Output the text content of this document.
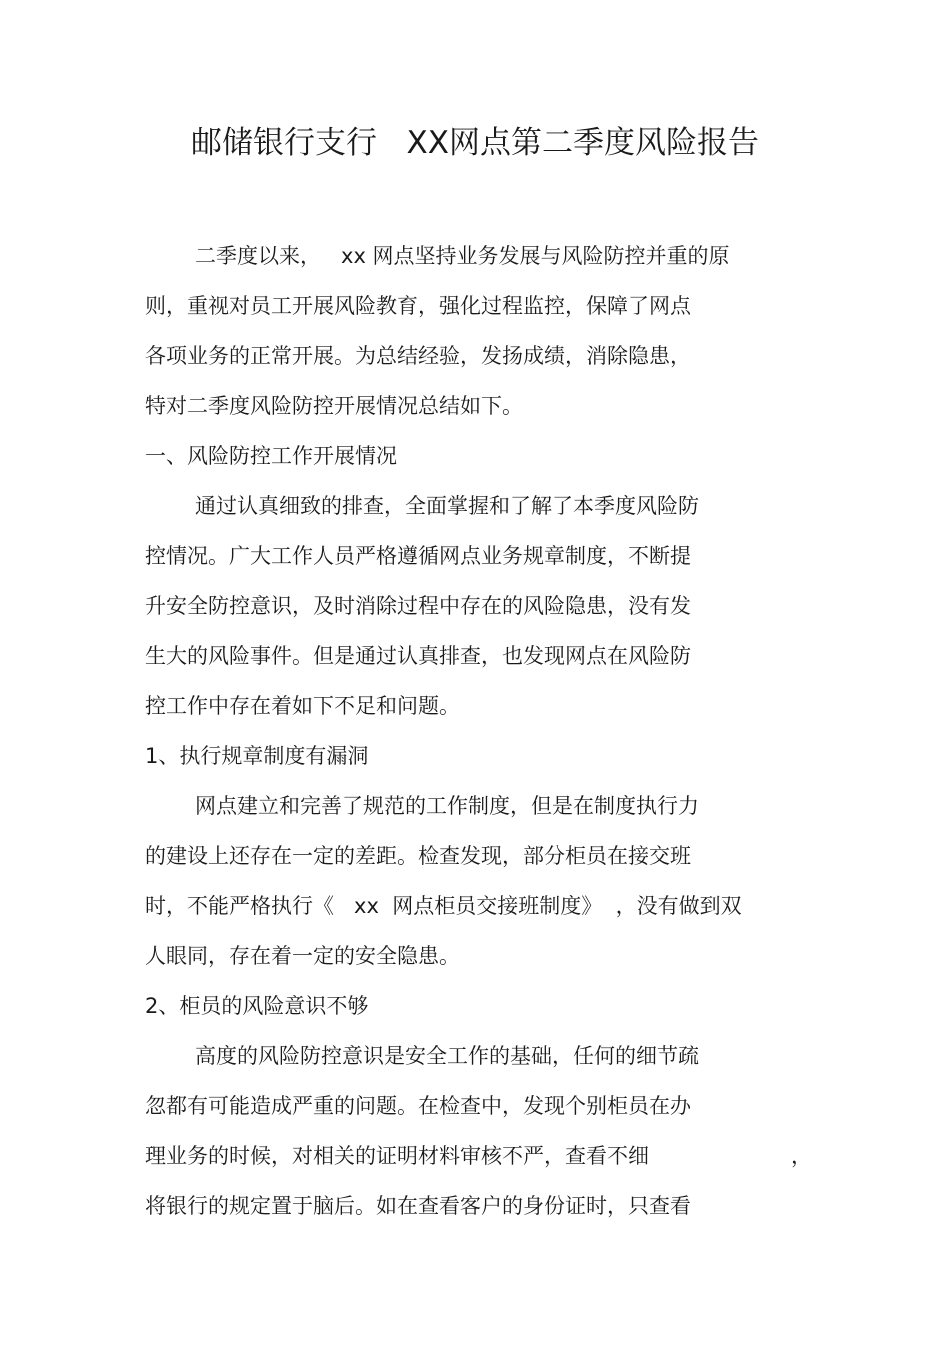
邮储银行支行   XX网点第二季度风险报告
二季度以来，   xx 网点坚持业务发展与风险防控并重的原
则，重视对员工开展风险教育，强化过程监控，保障了网点
各项业务的正常开展。为总结经验，发扬成绩，消除隐患，
特对二季度风险防控开展情况总结如下。
一、风险防控工作开展情况
通过认真细致的排查，全面掌握和了解了本季度风险防
控情况。广大工作人员严格遵循网点业务规章制度，不断提
升安全防控意识，及时消除过程中存在的风险隐患，没有发
生大的风险事件。但是通过认真排查，也发现网点在风险防
控工作中存在着如下不足和问题。
1、执行规章制度有漏洞
网点建立和完善了规范的工作制度，但是在制度执行力
的建设上还存在一定的差距。检查发现，部分柜员在接交班
时，不能严格执行《   xx  网点柜员交接班制度》  ，没有做到双
人眼同，存在着一定的安全隐患。
2、柜员的风险意识不够
高度的风险防控意识是安全工作的基础，任何的细节疏
忽都有可能造成严重的问题。在检查中，发现个别柜员在办
理业务的时候，对相关的证明材料审核不严，查看不细	，
将银行的规定置于脑后。如在查看客户的身份证时，只查看
